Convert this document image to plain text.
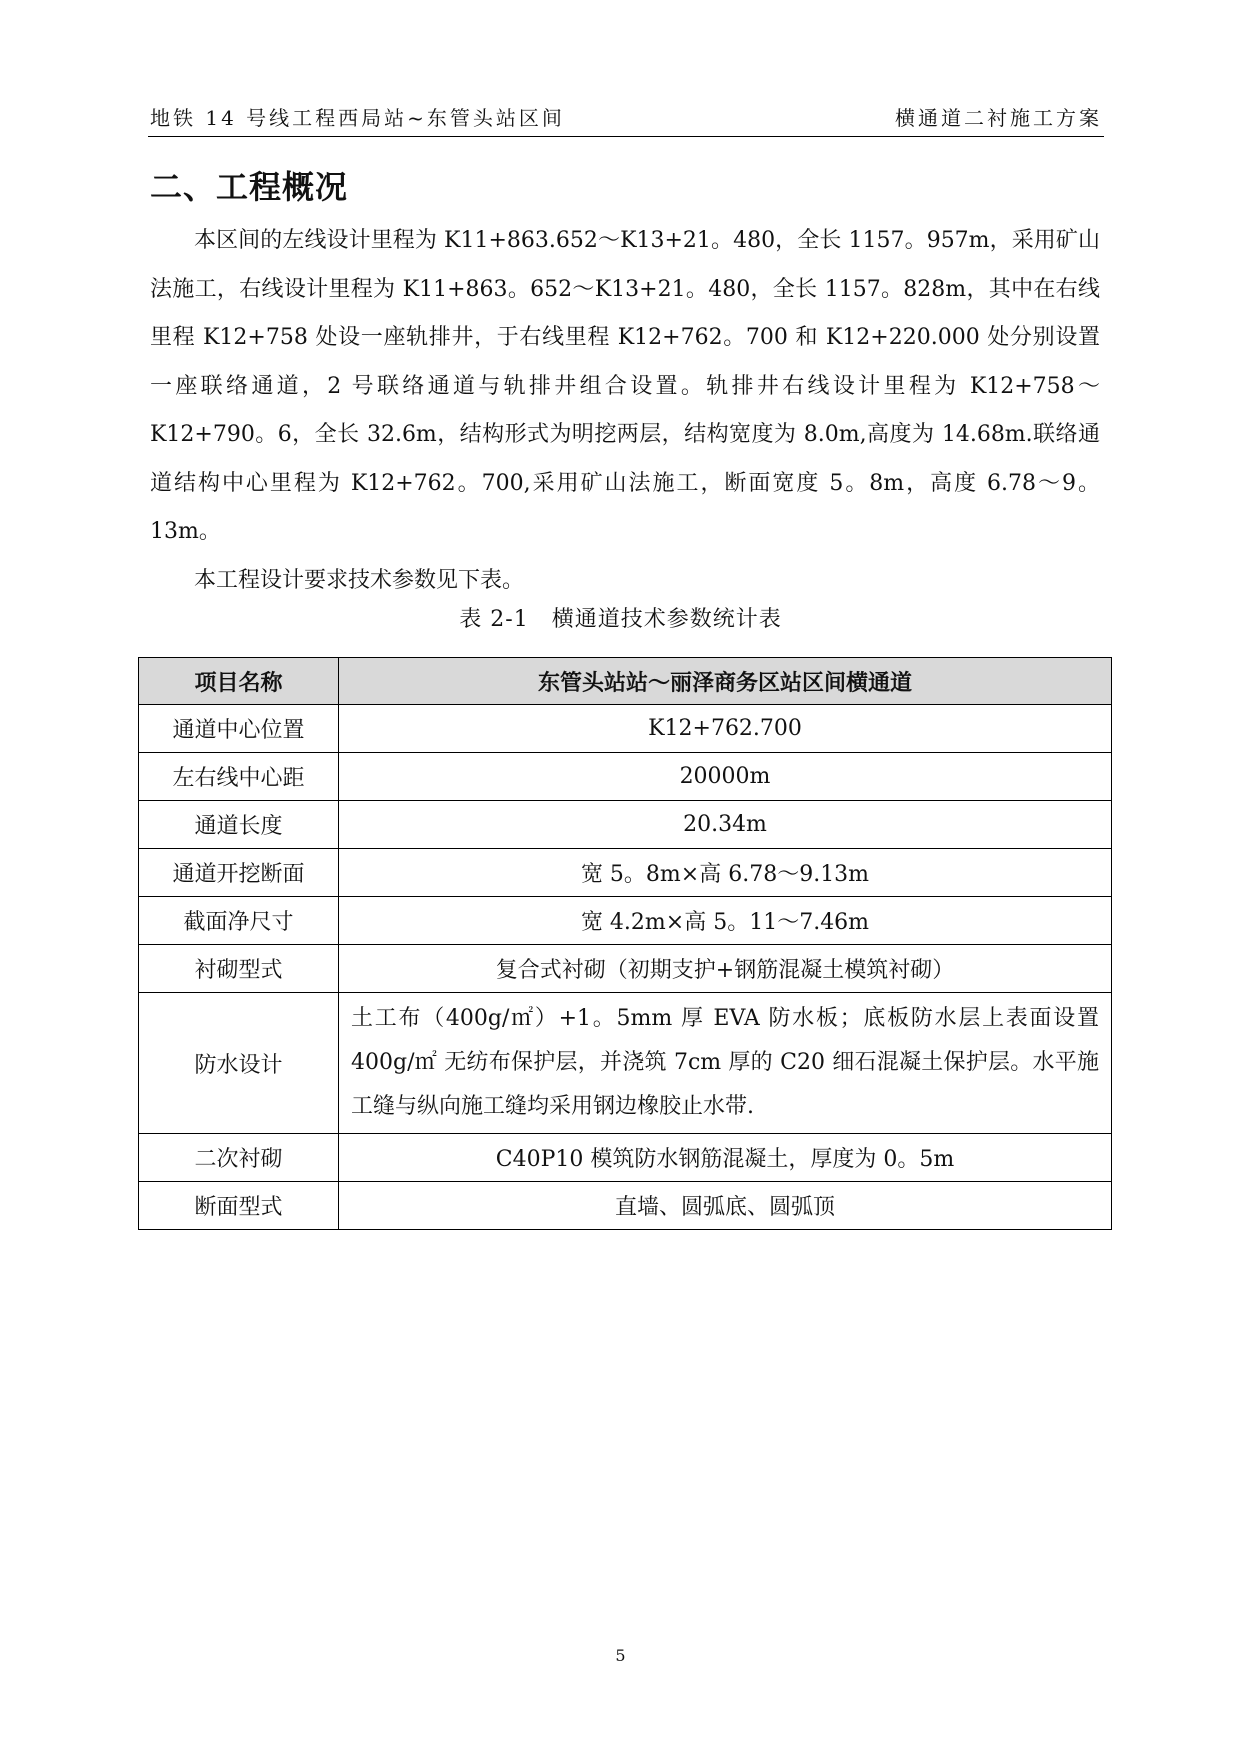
地铁 14 号线工程西局站~东管头站区间	横通道二衬施工方案
二、工程概况

本区间的左线设计里程为 K11+863.652～K13+21。480，全长 1157。957m，采用矿山法施工，右线设计里程为 K11+863。652～K13+21。480，全长 1157。828m，其中在右线里程 K12+758 处设一座轨排井，于右线里程 K12+762。700 和 K12+220.000 处分别设置一座联络通道，2 号联络通道与轨排井组合设置。轨排井右线设计里程为 K12+758～K12+790。6，全长 32.6m，结构形式为明挖两层，结构宽度为 8.0m,高度为 14.68m.联络通道结构中心里程为 K12+762。700,采用矿山法施工，断面宽度 5。8m，高度 6.78～9。13m。

本工程设计要求技术参数见下表。

表 2-1　横通道技术参数统计表
项目名称	东管头站站～丽泽商务区站区间横通道
通道中心位置	K12+762.700
左右线中心距	20000m
通道长度	20.34m
通道开挖断面	宽 5。8m×高 6.78～9.13m
截面净尺寸	宽 4.2m×高 5。11～7.46m
衬砌型式	复合式衬砌（初期支护+钢筋混凝土模筑衬砌）
防水设计	土工布（400g/㎡）+1。5mm 厚 EVA 防水板；底板防水层上表面设置 400g/㎡ 无纺布保护层，并浇筑 7cm 厚的 C20 细石混凝土保护层。水平施工缝与纵向施工缝均采用钢边橡胶止水带.
二次衬砌	C40P10 模筑防水钢筋混凝土，厚度为 0。5m
断面型式	直墙、圆弧底、圆弧顶
5
